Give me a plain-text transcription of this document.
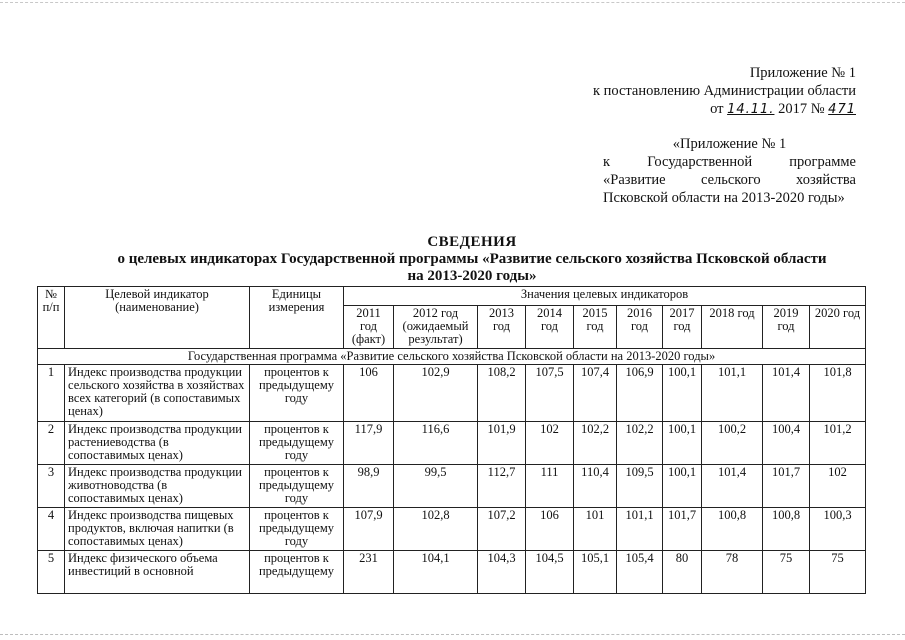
Приложение № 1
к постановлению Администрации области
от 14.11. 2017 № 471
«Приложение № 1
к	Государственной	программе
«Развитие сельского хозяйства
Псковской области на 2013-2020 годы»
СВЕДЕНИЯ
о целевых индикаторах Государственной программы «Развитие сельского хозяйства Псковской области
на 2013-2020 годы»
№ п/п	Целевой индикатор (наименование)	Единицы измерения	Значения целевых индикаторов									
			2011 год (факт)	2012 год (ожидаемый результат)	2013 год	2014 год	2015 год	2016 год	2017 год	2018 год	2019 год	2020 год
Государственная программа «Развитие сельского хозяйства Псковской области на 2013-2020 годы»												
1	Индекс производства продукции сельского хозяйства в хозяйствах всех категорий (в сопоставимых ценах)	процентов к предыдущему году	106	102,9	108,2	107,5	107,4	106,9	100,1	101,1	101,4	101,8
2	Индекс производства продукции растениеводства (в сопоставимых ценах)	процентов к предыдущему году	117,9	116,6	101,9	102	102,2	102,2	100,1	100,2	100,4	101,2
3	Индекс производства продукции животноводства (в сопоставимых ценах)	процентов к предыдущему году	98,9	99,5	112,7	111	110,4	109,5	100,1	101,4	101,7	102
4	Индекс производства пищевых продуктов, включая напитки (в сопоставимых ценах)	процентов к предыдущему году	107,9	102,8	107,2	106	101	101,1	101,7	100,8	100,8	100,3
5	Индекс физического объема инвестиций в основной	процентов к предыдущему	231	104,1	104,3	104,5	105,1	105,4	80	78	75	75
